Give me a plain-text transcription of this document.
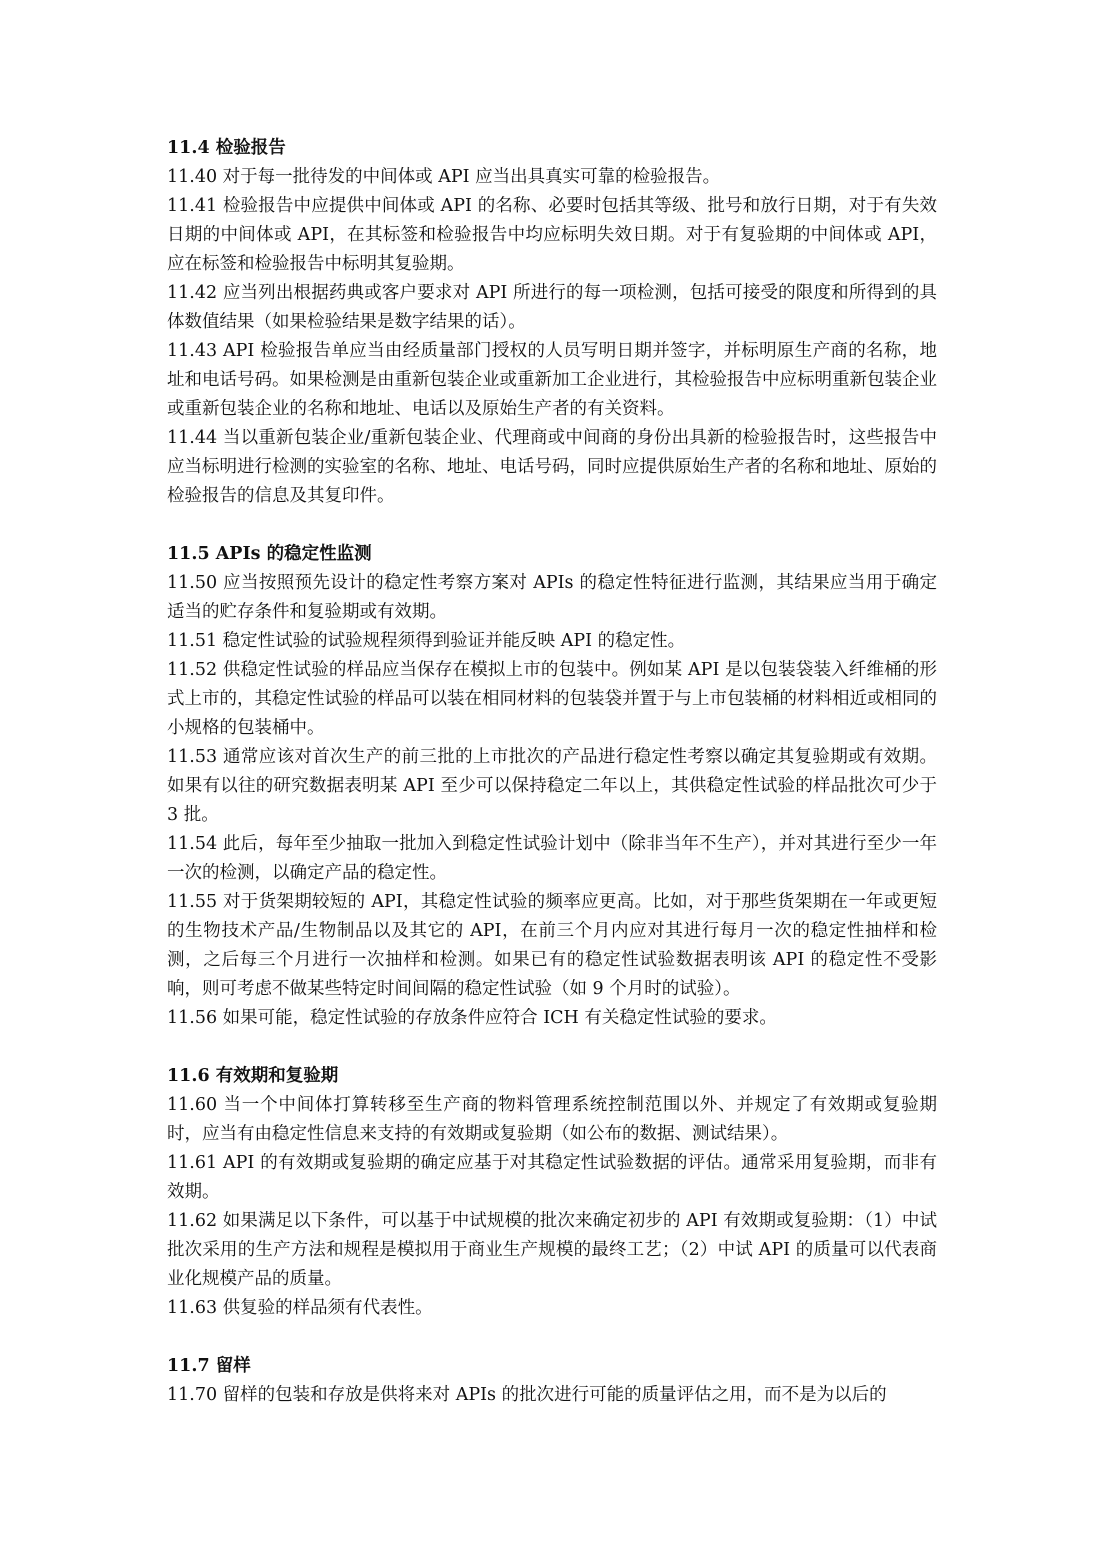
11.4 检验报告

11.40 对于每一批待发的中间体或 API 应当出具真实可靠的检验报告。

11.41 检验报告中应提供中间体或 API 的名称、必要时包括其等级、批号和放行日期，对于有失效日期的中间体或 API，在其标签和检验报告中均应标明失效日期。对于有复验期的中间体或 API，应在标签和检验报告中标明其复验期。

11.42 应当列出根据药典或客户要求对 API 所进行的每一项检测，包括可接受的限度和所得到的具体数值结果（如果检验结果是数字结果的话）。

11.43 API 检验报告单应当由经质量部门授权的人员写明日期并签字，并标明原生产商的名称，地址和电话号码。如果检测是由重新包装企业或重新加工企业进行，其检验报告中应标明重新包装企业或重新包装企业的名称和地址、电话以及原始生产者的有关资料。

11.44 当以重新包装企业/重新包装企业、代理商或中间商的身份出具新的检验报告时，这些报告中应当标明进行检测的实验室的名称、地址、电话号码，同时应提供原始生产者的名称和地址、原始的检验报告的信息及其复印件。

11.5 APIs 的稳定性监测

11.50 应当按照预先设计的稳定性考察方案对 APIs 的稳定性特征进行监测，其结果应当用于确定适当的贮存条件和复验期或有效期。

11.51 稳定性试验的试验规程须得到验证并能反映 API 的稳定性。

11.52 供稳定性试验的样品应当保存在模拟上市的包装中。例如某 API 是以包装袋装入纤维桶的形式上市的，其稳定性试验的样品可以装在相同材料的包装袋并置于与上市包装桶的材料相近或相同的小规格的包装桶中。

11.53 通常应该对首次生产的前三批的上市批次的产品进行稳定性考察以确定其复验期或有效期。如果有以往的研究数据表明某 API 至少可以保持稳定二年以上，其供稳定性试验的样品批次可少于 3 批。

11.54 此后，每年至少抽取一批加入到稳定性试验计划中（除非当年不生产），并对其进行至少一年一次的检测，以确定产品的稳定性。

11.55 对于货架期较短的 API，其稳定性试验的频率应更高。比如，对于那些货架期在一年或更短的生物技术产品/生物制品以及其它的 API，在前三个月内应对其进行每月一次的稳定性抽样和检测，之后每三个月进行一次抽样和检测。如果已有的稳定性试验数据表明该 API 的稳定性不受影响，则可考虑不做某些特定时间间隔的稳定性试验（如 9 个月时的试验）。

11.56 如果可能，稳定性试验的存放条件应符合 ICH 有关稳定性试验的要求。

11.6 有效期和复验期

11.60 当一个中间体打算转移至生产商的物料管理系统控制范围以外、并规定了有效期或复验期时，应当有由稳定性信息来支持的有效期或复验期（如公布的数据、测试结果）。

11.61 API 的有效期或复验期的确定应基于对其稳定性试验数据的评估。通常采用复验期，而非有效期。

11.62 如果满足以下条件，可以基于中试规模的批次来确定初步的 API 有效期或复验期：（1）中试批次采用的生产方法和规程是模拟用于商业生产规模的最终工艺；（2）中试 API 的质量可以代表商业化规模产品的质量。

11.63 供复验的样品须有代表性。

11.7 留样

11.70 留样的包装和存放是供将来对 APIs 的批次进行可能的质量评估之用，而不是为以后的
